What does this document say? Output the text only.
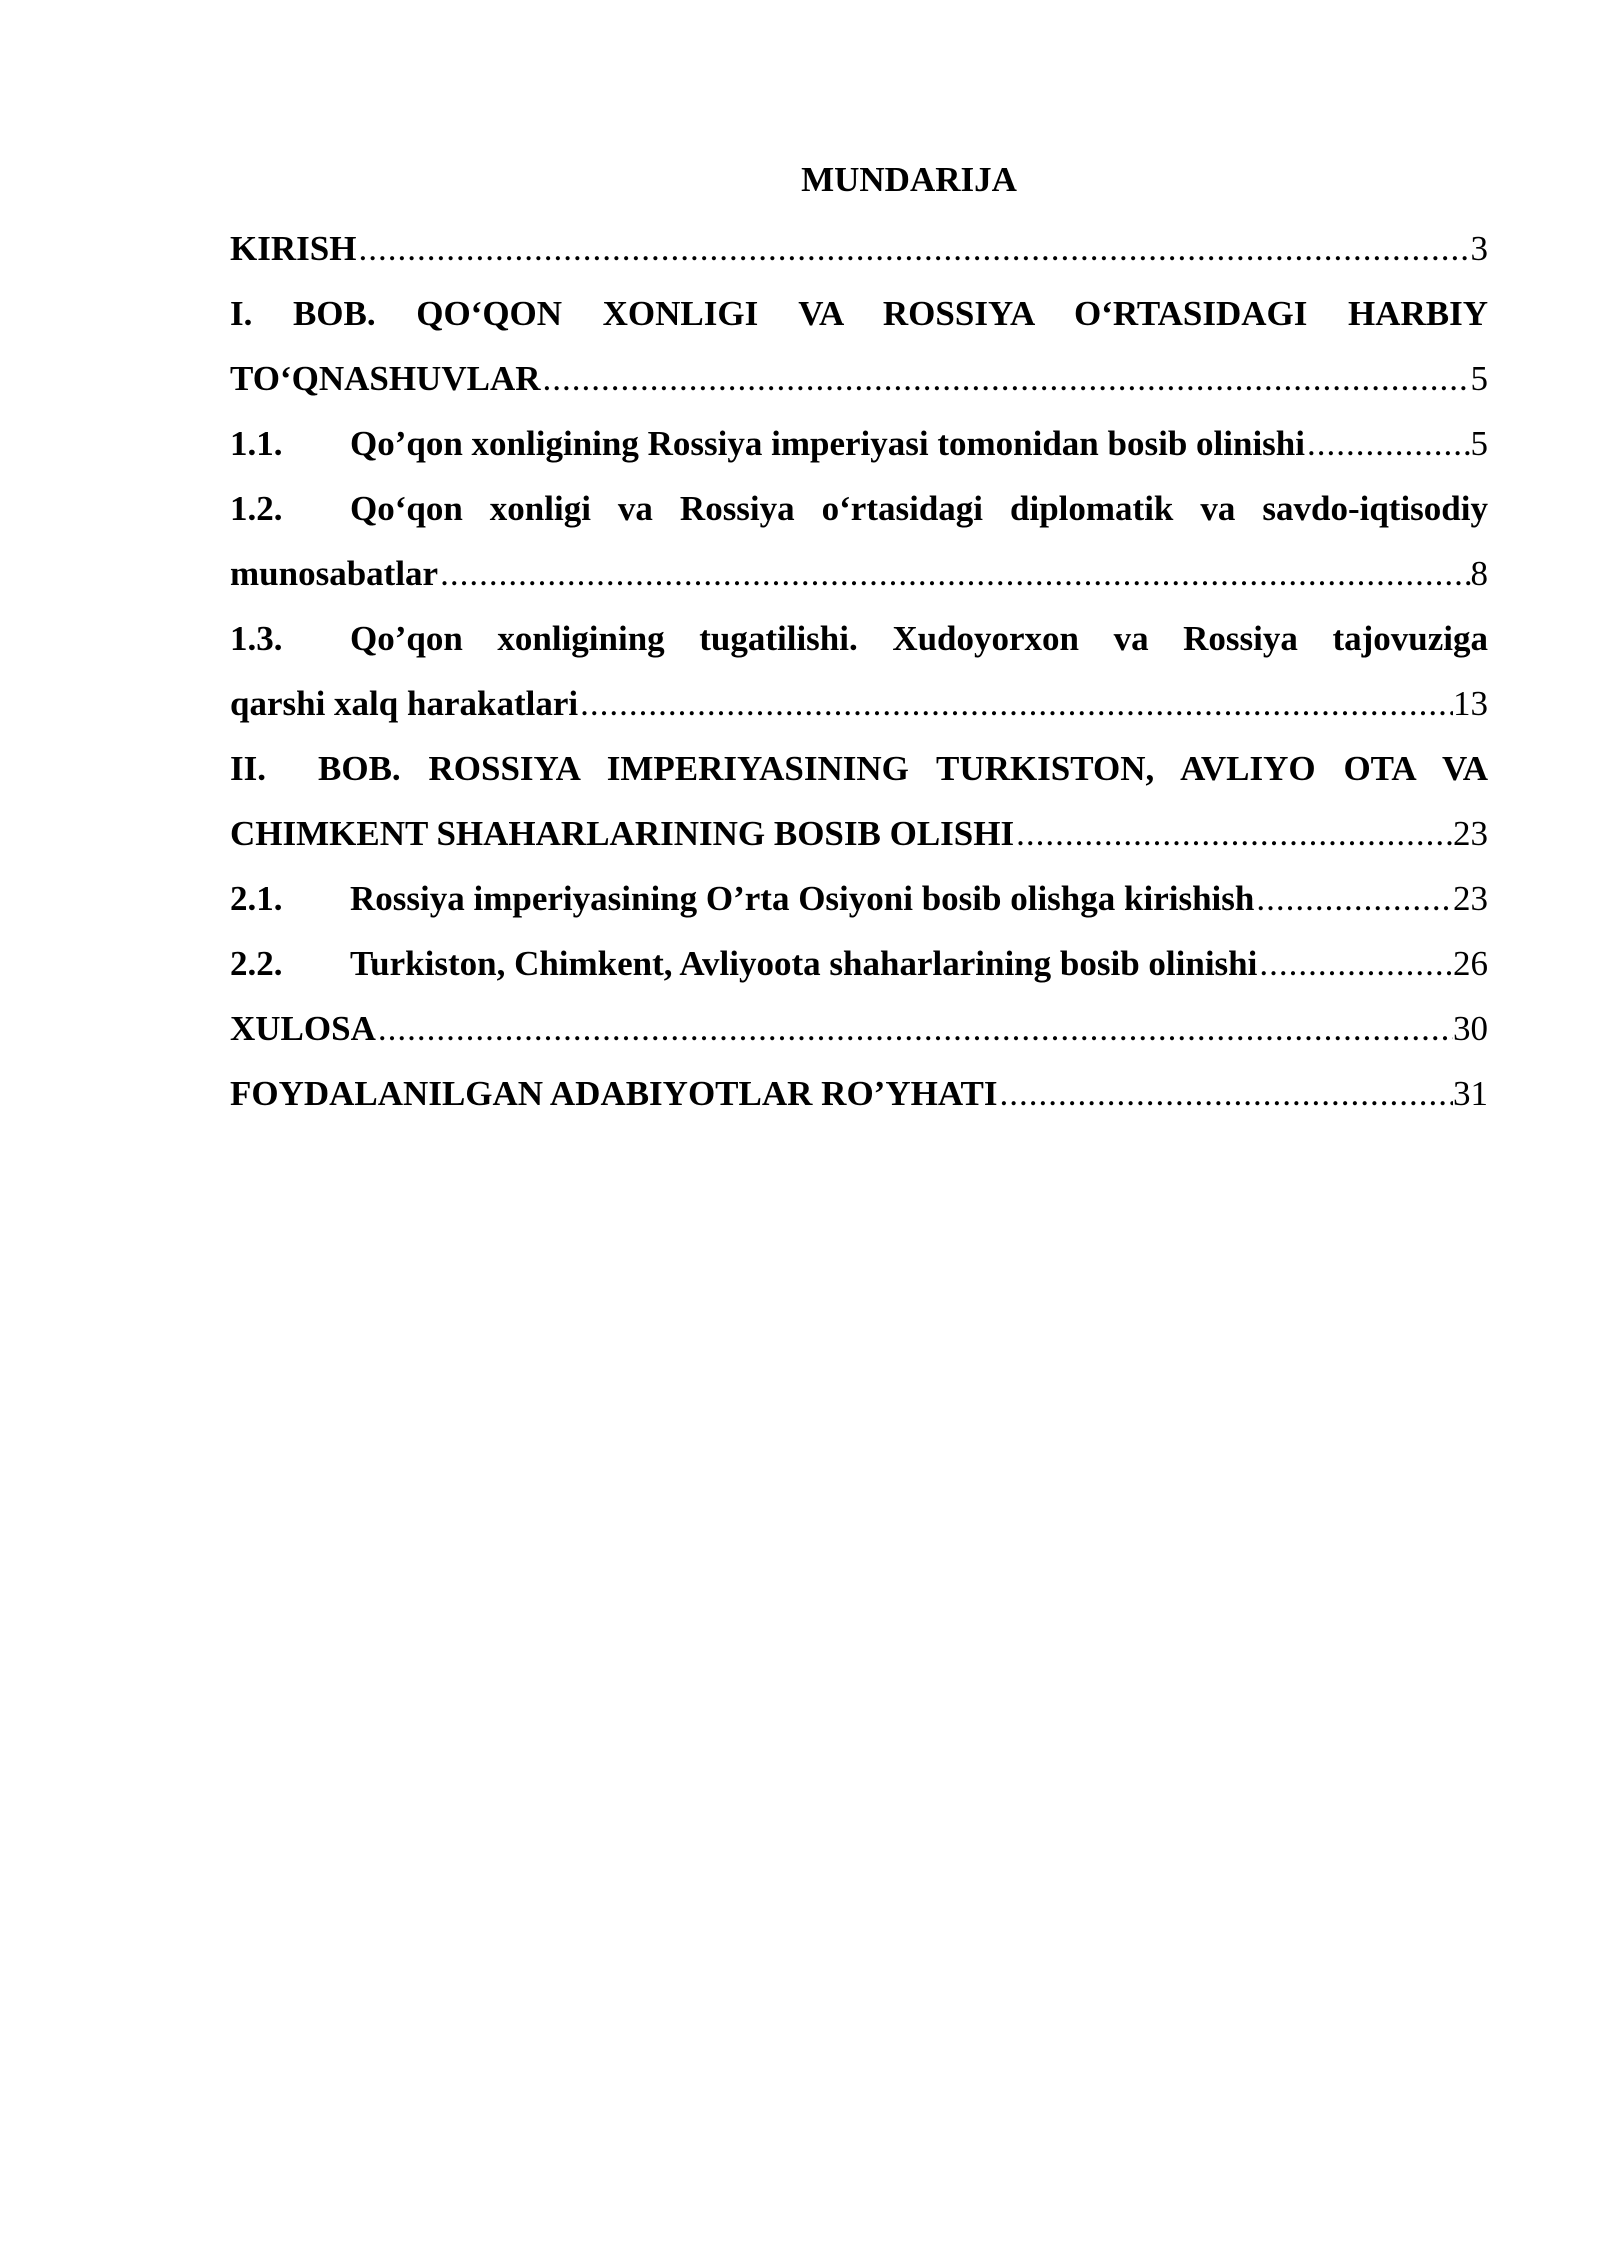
MUNDARIJA
KIRISH .....	3
I. BOB. QO‘QON XONLIGI VA ROSSIYA O‘RTASIDAGI HARBIY
TO‘QNASHUVLAR .....	5
1.1. Qo’qon xonligining Rossiya imperiyasi tomonidan bosib olinishi .....	5
1.2.	Qo‘qon xonligi va Rossiya o‘rtasidagi diplomatik va savdo-iqtisodiy
munosabatlar .....	8
1.3.	Qo’qon xonligining tugatilishi. Xudoyorxon va Rossiya tajovuziga
qarshi xalq harakatlari .....	13
II.	BOB. ROSSIYA IMPERIYASINING TURKISTON, AVLIYO OTA VA
CHIMKENT SHAHARLARINING BOSIB OLISHI .....	23
2.1. Rossiya imperiyasining O’rta Osiyoni bosib olishga kirishish .....	23
2.2. Turkiston, Chimkent, Avliyoota shaharlarining bosib olinishi .....	26
XULOSA .....	30
FOYDALANILGAN ADABIYOTLAR RO’YHATI .....	31
